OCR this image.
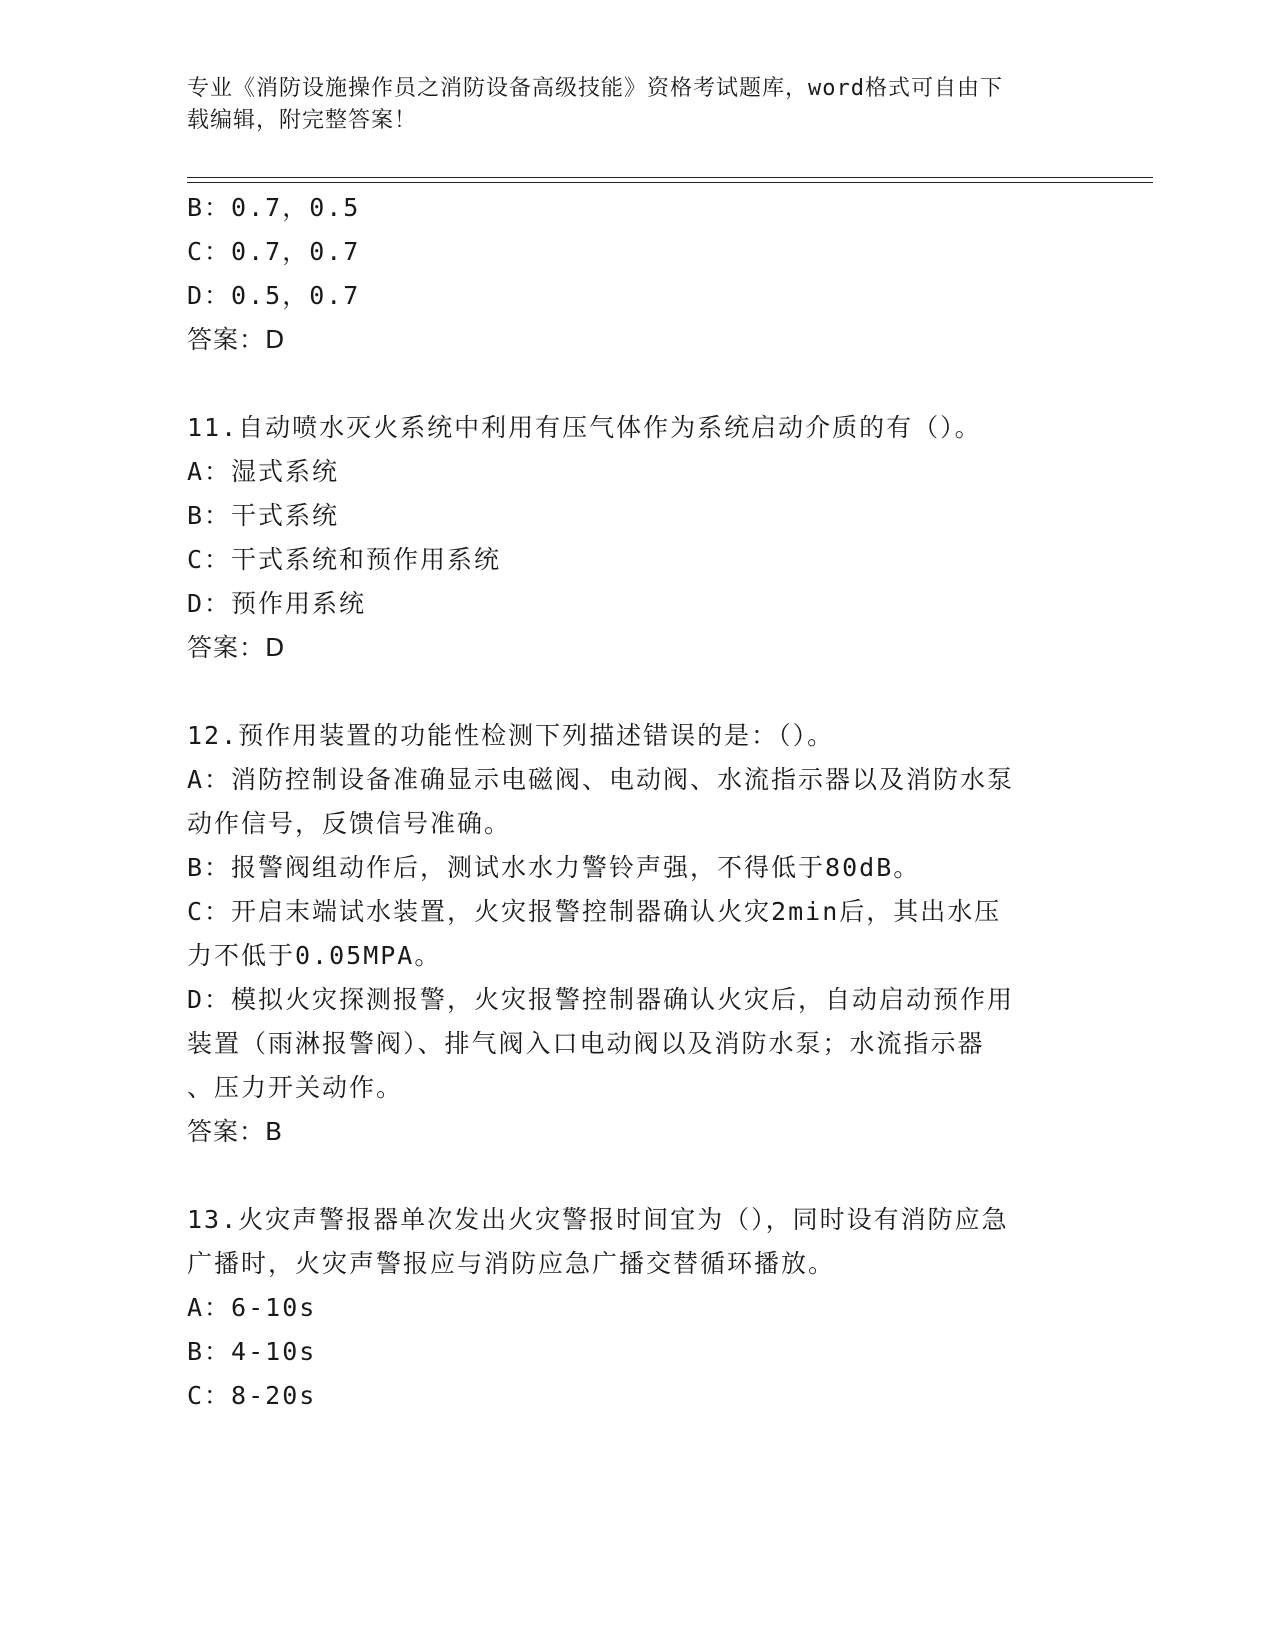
专业《消防设施操作员之消防设备高级技能》资格考试题库，word格式可自由下
载编辑，附完整答案！
B：0.7，0.5
C：0.7，0.7
D：0.5，0.7
答案：D
11.自动喷水灭火系统中利用有压气体作为系统启动介质的有（）。
A：湿式系统
B：干式系统
C：干式系统和预作用系统
D：预作用系统
答案：D
12.预作用装置的功能性检测下列描述错误的是：（）。
A：消防控制设备准确显示电磁阀、电动阀、水流指示器以及消防水泵
动作信号，反馈信号准确。
B：报警阀组动作后，测试水水力警铃声强，不得低于80dB。
C：开启末端试水装置，火灾报警控制器确认火灾2min后，其出水压
力不低于0.05MPA。
D：模拟火灾探测报警，火灾报警控制器确认火灾后，自动启动预作用
装置（雨淋报警阀）、排气阀入口电动阀以及消防水泵；水流指示器
、压力开关动作。
答案：B
13.火灾声警报器单次发出火灾警报时间宜为（），同时设有消防应急
广播时，火灾声警报应与消防应急广播交替循环播放。
A：6-10s
B：4-10s
C：8-20s
